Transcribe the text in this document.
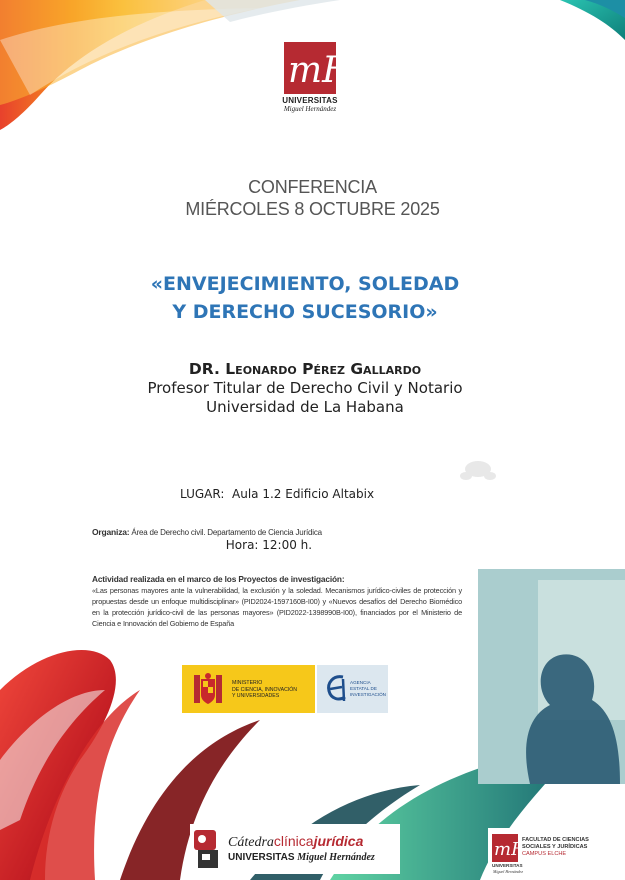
mH
UNIVERSITAS
Miguel Hernández
CONFERENCIA
MIÉRCOLES 8 OCTUBRE 2025
«ENVEJECIMIENTO, SOLEDAD
Y DERECHO SUCESORIO»
DR. Leonardo Pérez Gallardo
Profesor Titular de Derecho Civil y Notario
Universidad de La Habana

LUGAR:  Aula 1.2 Edificio Altabix

Hora: 12:00 h.

Organiza: Área de Derecho civil. Departamento de Ciencia Jurídica
Actividad realizada en el marco de los Proyectos de investigación:
«Las personas mayores ante la vulnerabilidad, la exclusión y la soledad. Mecanismos jurídico-civiles de protección y propuestas desde un enfoque multidisciplinar» (PID2024-1597160B-I00) y «Nuevos desafíos del Derecho Biomédico en la protección jurídico-civil de las personas mayores» (PID2022-1398990B-I00), financiados por el Ministerio de Ciencia e Innovación del Gobierno de España
MINISTERIO
DE CIENCIA, INNOVACIÓN
Y UNIVERSIDADES
AGENCIA
ESTATAL DE
INVESTIGACIÓN
Cátedraclínicajurídica
UNIVERSITAS Miguel Hernández	mH
UNIVERSITAS
Miguel Hernández
FACULTAD DE CIENCIAS
SOCIALES Y JURÍDICAS
CAMPUS ELCHE
